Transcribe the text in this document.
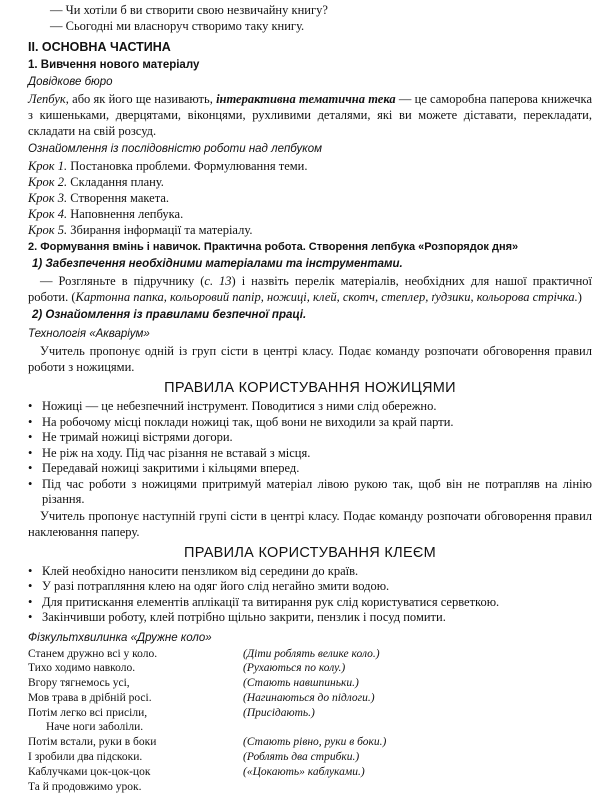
— Чи хотіли б ви створити свою незвичайну книгу?

— Сьогодні ми власноруч створимо таку книгу.

II. ОСНОВНА ЧАСТИНА
1. Вивчення нового матеріалу
Довідкове бюро

Лепбук, або як його ще називають, інтерактивна тематична тека — це саморобна паперова книжечка з кишеньками, дверцятами, віконцями, рухливими деталями, які ви можете діставати, перекладати, складати на свій розсуд.

Ознайомлення із послідовністю роботи над лепбуком

Крок 1. Постановка проблеми. Формулювання теми.

Крок 2. Складання плану.

Крок 3. Створення макета.

Крок 4. Наповнення лепбука.

Крок 5. Збирання інформації та матеріалу.

2. Формування вмінь і навичок. Практична робота. Створення лепбука «Розпорядок дня»
1) Забезпечення необхідними матеріалами та інструментами.

— Розгляньте в підручнику (с. 13) і назвіть перелік матеріалів, необхідних для нашої практичної роботи. (Картонна папка, кольоровий папір, ножиці, клей, скотч, степлер, ґудзики, кольорова стрічка.)

2) Ознайомлення із правилами безпечної праці.
Технологія «Акваріум»

Учитель пропонує одній із груп сісти в центрі класу. Подає команду розпочати обговорення правил роботи з ножицями.

ПРАВИЛА КОРИСТУВАННЯ НОЖИЦЯМИ
• Ножиці — це небезпечний інструмент. Поводитися з ними слід обережно.
• На робочому місці поклади ножиці так, щоб вони не виходили за край парти.
• Не тримай ножиці вістрями догори.
• Не ріж на ходу. Під час різання не вставай з місця.
• Передавай ножиці закритими і кільцями вперед.
• Під час роботи з ножицями притримуй матеріал лівою рукою так, щоб він не потрапляв на лінію різання.

Учитель пропонує наступній групі сісти в центрі класу. Подає команду розпочати обговорення правил наклеювання паперу.

ПРАВИЛА КОРИСТУВАННЯ КЛЕЄМ
• Клей необхідно наносити пензликом від середини до країв.
• У разі потрапляння клею на одяг його слід негайно змити водою.
• Для притискання елементів аплікації та витирання рук слід користуватися серветкою.
• Закінчивши роботу, клей потрібно щільно закрити, пензлик і посуд помити.
Фізкультхвилинка «Дружне коло»
Станем дружно всі у коло.	(Діти роблять велике коло.)
Тихо ходимо навколо.	(Рухаються по колу.)
Вгору тягнемось усі,	(Стають навшпиньки.)
Мов трава в дрібній росі.	(Нагинаються до підлоги.)
Потім легко всі присіли,	(Присідають.)
Наче ноги заболіли.
Потім встали, руки в боки	(Стають рівно, руки в боки.)
І зробили два підскоки.	(Роблять два стрибки.)
Каблучками цок-цок-цок	(«Цокають» каблуками.)
Та й продовжимо урок.
